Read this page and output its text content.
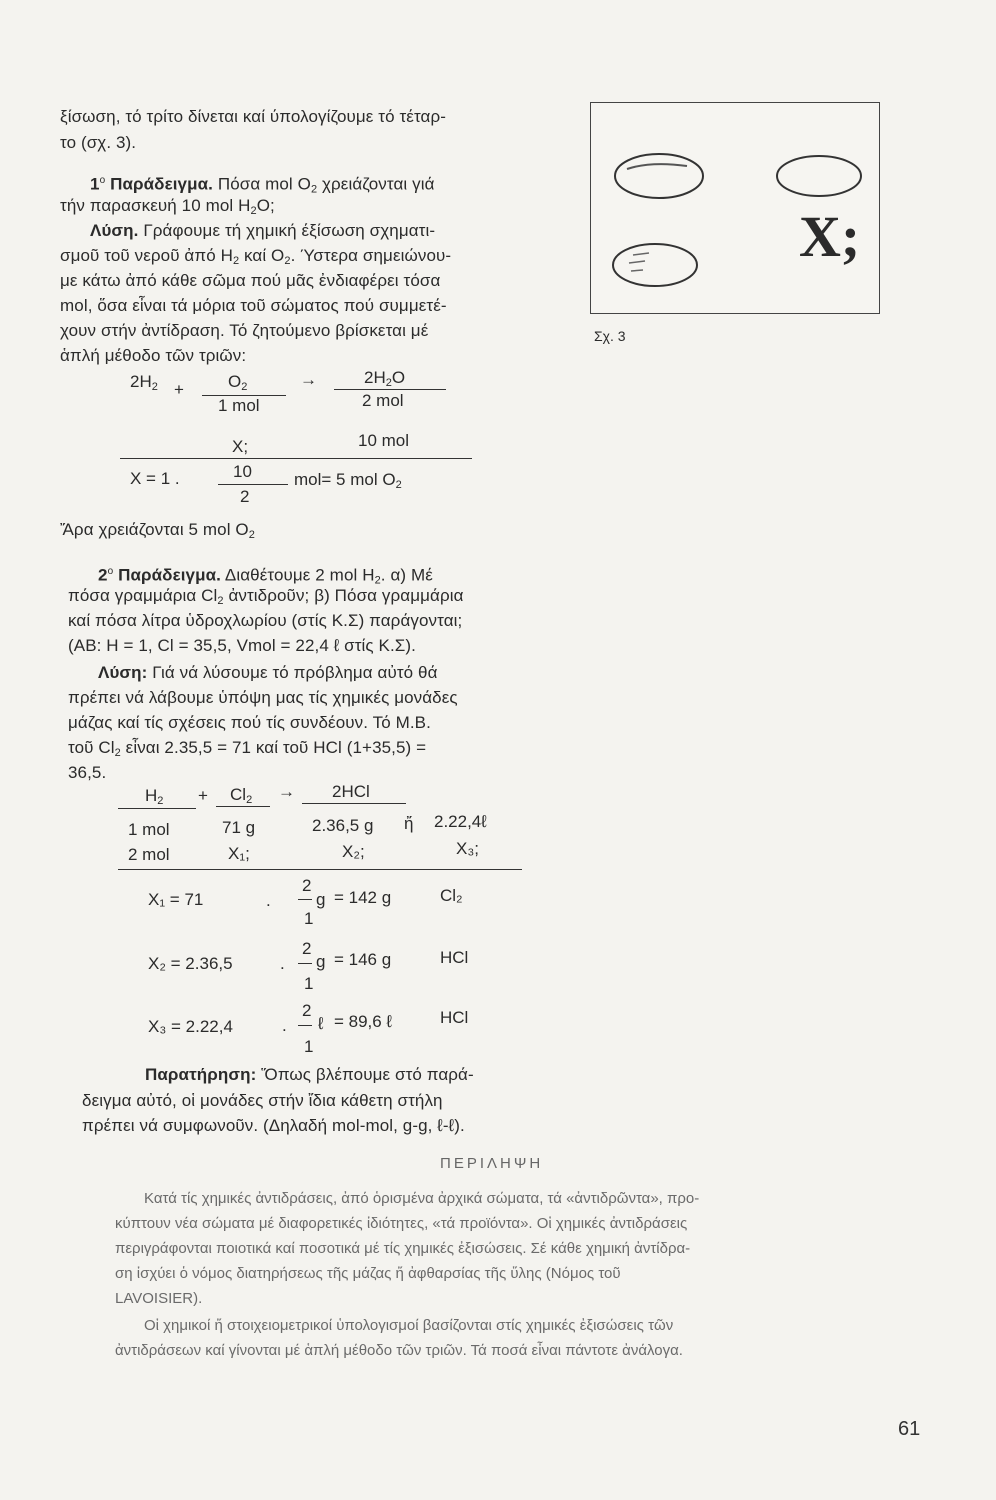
ξίσωση, τό τρίτο δίνεται καί ύπολογίζουμε τό τέταρ-
το (σχ. 3).
$1^o$ Παράδειγμα. Πόσα mol $O_2$ χρειάζονται γιά
τήν παρασκευή 10 mol $H_2O$;
Λύση. Γράφουμε τή χημική έξίσωση σχηματι-
σμοῦ τοῦ νεροῦ ἀπό $H_2$ καί $O_2$. Ύστερα σημειώνου-
με κάτω ἀπό κάθε σῶμα πού μᾶς ἐνδιαφέρει τόσα
mol, ὅσα εἶναι τά μόρια τοῦ σώματος πού συμμετέ-
χουν στήν ἀντίδραση. Τό ζητούμενο βρίσκεται μέ
ἁπλή μέθοδο τῶν τριῶν:
$2H_2$ +	$O_2$	→	$2H_2O$
1 mol	2 mol
X;	10 mol
X = 1 .	10
2
mol= 5 mol $O_2$
Ἄρα χρειάζονται 5 mol $O_2$
$2^o$ Παράδειγμα. Διαθέτουμε 2 mol $H_2$. α) Μέ
πόσα γραμμάρια $Cl_2$ ἀντιδροῦν; β) Πόσα γραμμάρια
καί πόσα λίτρα ὑδροχλωρίου (στίς Κ.Σ) παράγονται;
(ΑΒ: Η = 1, Cl = 35,5, Vmol = 22,4 ℓ στίς Κ.Σ).
Λύση: Γιά νά λύσουμε τό πρόβλημα αὐτό θά
πρέπει νά λάβουμε ὑπόψη μας τίς χημικές μονάδες
μάζας καί τίς σχέσεις πού τίς συνδέουν. Τό Μ.Β.
τοῦ $Cl_2$ εἶναι 2.35,5 = 71 καί τοῦ HCl (1+35,5) =
36,5.
$H_2 + Cl_2 \to 2HCl$
1 mol	71 g	2.36,5 g ἤ 2.22,4ℓ
2 mol	X₁;	X₂;	X₃;
X₁ = 71	.
2
1
g = 142 g	Cl₂
X₂ = 2.36,5	.
2
1
g = 146 g	HCl
X₃ = 2.22,4	.
2
1
ℓ = 89,6 ℓ	HCl
Παρατήρηση: Ὅπως βλέπουμε στό παρά-
δειγμα αὐτό, οἱ μονάδες στήν ἴδια κάθετη στήλη
πρέπει νά συμφωνοῦν. (Δηλαδή mol-mol, g-g, ℓ-ℓ).
X;
Σχ. 3
ΠΕΡΙΛΗΨΗ
Κατά τίς χημικές ἀντιδράσεις, ἀπό ὁρισμένα ἀρχικά σώματα, τά «ἀντιδρῶντα», προ-
κύπτουν νέα σώματα μέ διαφορετικές ἰδιότητες, «τά προϊόντα». Οἱ χημικές ἀντιδράσεις
περιγράφονται ποιοτικά καί ποσοτικά μέ τίς χημικές ἐξισώσεις. Σέ κάθε χημική ἀντίδρα-
ση ἰσχύει ὁ νόμος διατηρήσεως τῆς μάζας ἤ ἀφθαρσίας τῆς ὕλης (Νόμος τοῦ
LAVOISIER).
Οἱ χημικοί ἤ στοιχειομετρικοί ὑπολογισμοί βασίζονται στίς χημικές ἐξισώσεις τῶν
ἀντιδράσεων καί γίνονται μέ ἁπλή μέθοδο τῶν τριῶν. Τά ποσά εἶναι πάντοτε ἀνάλογα.
61
